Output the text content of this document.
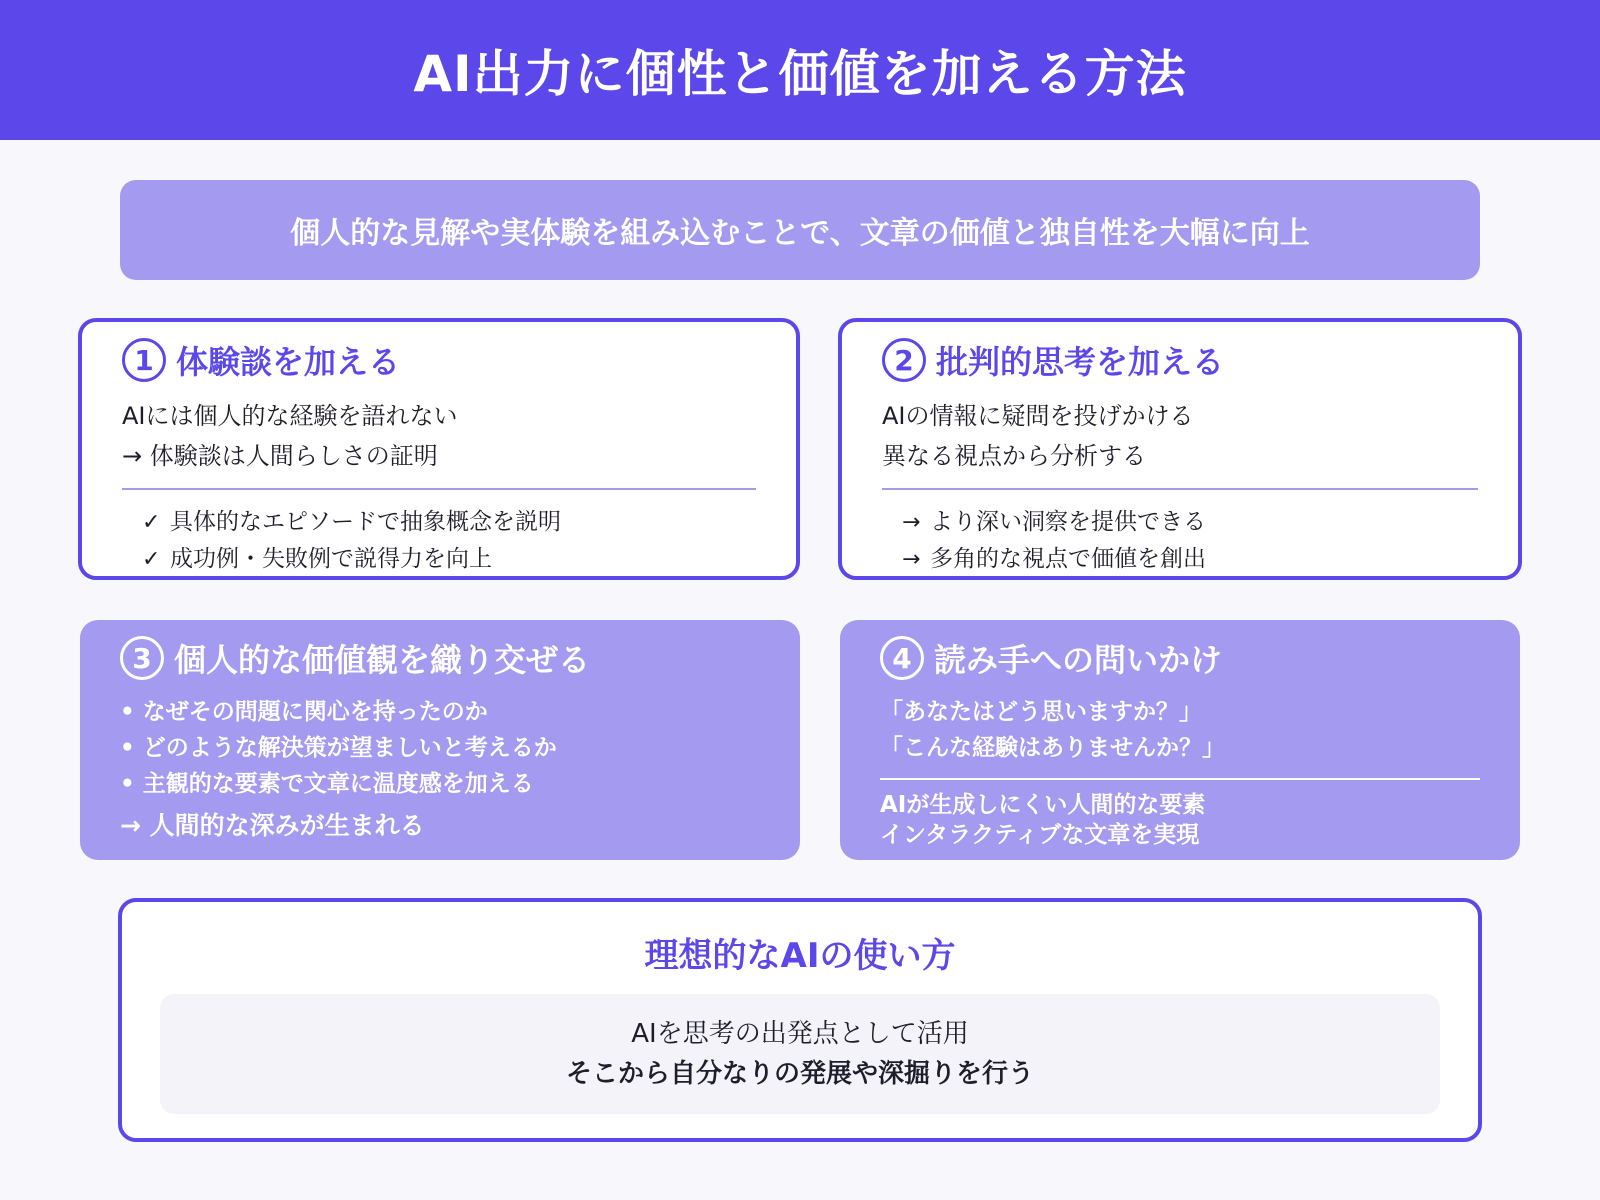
AI出力に個性と価値を加える方法
個人的な見解や実体験を組み込むことで、文章の価値と独自性を大幅に向上
1 体験談を加える
AIには個人的な経験を語れない
→ 体験談は人間らしさの証明
✓ 具体的なエピソードで抽象概念を説明
✓ 成功例・失敗例で説得力を向上
2 批判的思考を加える
AIの情報に疑問を投げかける
異なる視点から分析する
→ より深い洞察を提供できる
→ 多角的な視点で価値を創出
3 個人的な価値観を織り交ぜる
• なぜその問題に関心を持ったのか
• どのような解決策が望ましいと考えるか
• 主観的な要素で文章に温度感を加える
→ 人間的な深みが生まれる
4 読み手への問いかけ
「あなたはどう思いますか？」
「こんな経験はありませんか？」
AIが生成しにくい人間的な要素
インタラクティブな文章を実現
理想的なAIの使い方
AIを思考の出発点として活用
そこから自分なりの発展や深掘りを行う
